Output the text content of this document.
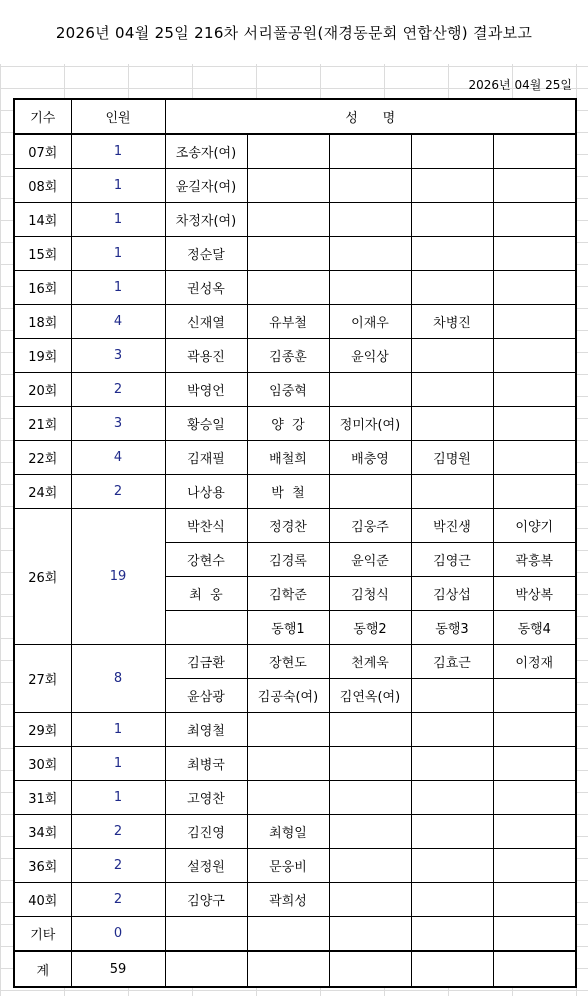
2026년 04월 25일 216차 서리풀공원(재경동문회 연합산행) 결과보고
2026년 04월 25일
기수	인원	성      명				
07회	1	조송자(여)				
08회	1	윤길자(여)				
14회	1	차정자(여)				
15회	1	정순달				
16회	1	권성옥				
18회	4	신재열	유부철	이재우	차병진	
19회	3	곽용진	김종훈	윤익상		
20회	2	박영언	임중혁			
21회	3	황승일	양  강	정미자(여)		
22회	4	김재필	배철희	배충영	김명원	
24회	2	나상용	박  철			
26회	19	박찬식	정경찬	김웅주	박진생	이양기
		강현수	김경록	윤익준	김영근	곽흥복
		최  웅	김학준	김청식	김상섭	박상복
			동행1	동행2	동행3	동행4
27회	8	김금환	장현도	천계욱	김효근	이정재
		윤삼광	김공숙(여)	김연옥(여)		
29회	1	최영철				
30회	1	최병국				
31회	1	고영찬				
34회	2	김진영	최형일			
36회	2	설정원	문웅비			
40회	2	김양구	곽희성			
기타	0					
계	59					
